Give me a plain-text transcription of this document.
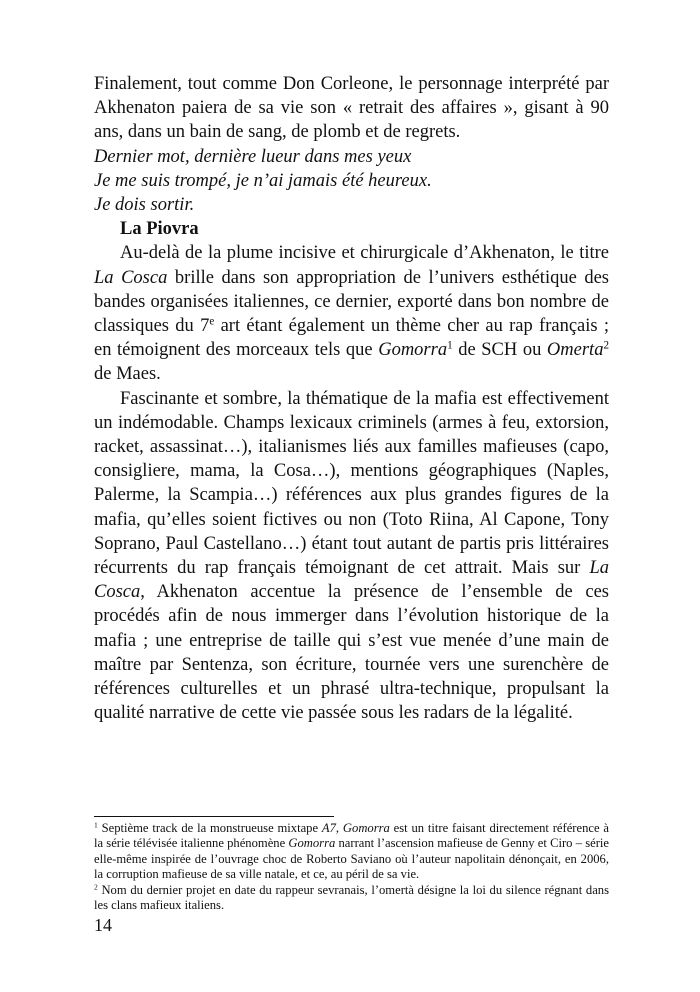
Finalement, tout comme Don Corleone, le personnage interprété par Akhenaton paiera de sa vie son « retrait des affaires », gisant à 90 ans, dans un bain de sang, de plomb et de regrets.

Dernier mot, dernière lueur dans mes yeux

Je me suis trompé, je n’ai jamais été heureux.

Je dois sortir.

La Piovra

Au-delà de la plume incisive et chirurgicale d’Akhenaton, le titre La Cosca brille dans son appropriation de l’univers esthétique des bandes organisées italiennes, ce dernier, exporté dans bon nombre de classiques du 7e art étant également un thème cher au rap français ; en témoignent des morceaux tels que Gomorra$^1$ de SCH ou Omerta$^2$ de Maes.

Fascinante et sombre, la thématique de la mafia est effectivement un indémodable. Champs lexicaux criminels (armes à feu, extorsion, racket, assassinat…), italianismes liés aux familles mafieuses (capo, consigliere, mama, la Cosa…), mentions géographiques (Naples, Palerme, la Scampia…) références aux plus grandes figures de la mafia, qu’elles soient fictives ou non (Toto Riina, Al Capone, Tony Soprano, Paul Castellano…) étant tout autant de partis pris littéraires récurrents du rap français témoignant de cet attrait. Mais sur La Cosca, Akhenaton accentue la présence de l’ensemble de ces procédés afin de nous immerger dans l’évolution historique de la mafia ; une entreprise de taille qui s’est vue menée d’une main de maître par Sentenza, son écriture, tournée vers une surenchère de références culturelles et un phrasé ultra-technique, propulsant la qualité narrative de cette vie passée sous les radars de la légalité.

$^1$ Septième track de la monstrueuse mixtape A7, Gomorra est un titre faisant directement référence à la série télévisée italienne phénomène Gomorra narrant l’ascension mafieuse de Genny et Ciro – série elle-même inspirée de l’ouvrage choc de Roberto Saviano où l’auteur napolitain dénonçait, en 2006, la corruption mafieuse de sa ville natale, et ce, au péril de sa vie.

$^2$ Nom du dernier projet en date du rappeur sevranais, l’omertà désigne la loi du silence régnant dans les clans mafieux italiens.

14
